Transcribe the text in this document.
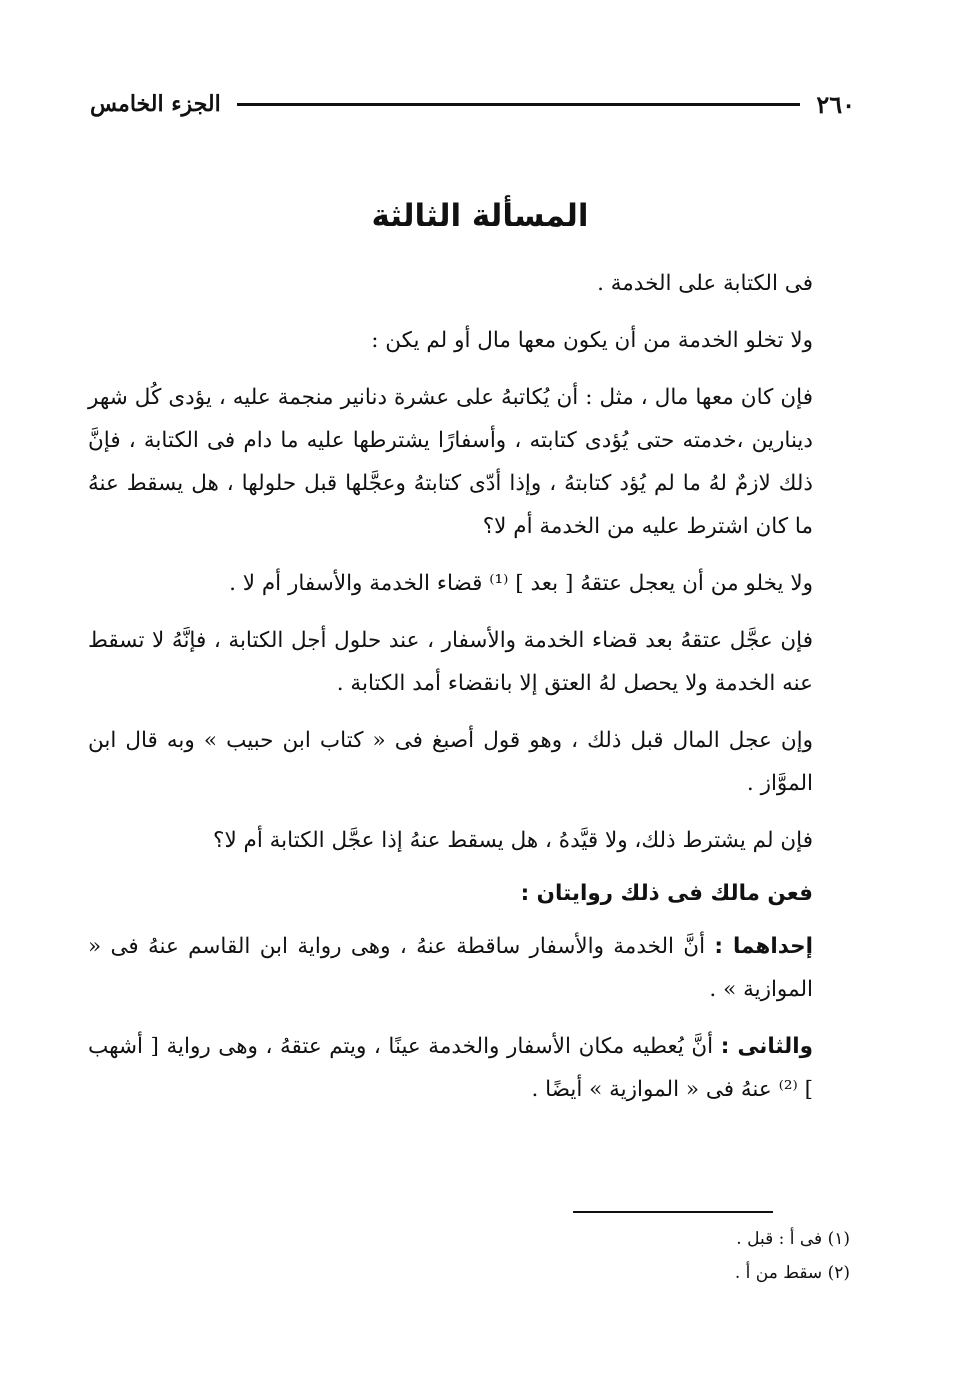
٢٦٠
الجزء الخامس
المسألة الثالثة

فى الكتابة على الخدمة .

ولا تخلو الخدمة من أن يكون معها مال أو لم يكن :

فإن كان معها مال ، مثل : أن يُكاتبهُ على عشرة دنانير منجمة عليه ، يؤدى كُل شهر دينارين ،خدمته حتى يُؤدى كتابته ، وأسفارًا يشترطها عليه ما دام فى الكتابة ، فإنَّ ذلك لازمٌ لهُ ما لم يُؤد كتابتهُ ، وإذا أدّى كتابتهُ وعجَّلها قبل حلولها ، هل يسقط عنهُ ما كان اشترط عليه من الخدمة أم لا؟

ولا يخلو من أن يعجل عتقهُ [ بعد ] ⁽¹⁾ قضاء الخدمة والأسفار أم لا .

فإن عجَّل عتقهُ بعد قضاء الخدمة والأسفار ، عند حلول أجل الكتابة ، فإنَّهُ لا تسقط عنه الخدمة ولا يحصل لهُ العتق إلا بانقضاء أمد الكتابة .

وإن عجل المال قبل ذلك ، وهو قول أصبغ فى « كتاب ابن حبيب » وبه قال ابن الموَّاز .

فإن لم يشترط ذلك، ولا قيَّدهُ ، هل يسقط عنهُ إذا عجَّل الكتابة أم لا؟

فعن مالك فى ذلك روايتان :

إحداهما : أنَّ الخدمة والأسفار ساقطة عنهُ ، وهى رواية ابن القاسم عنهُ فى « الموازية » .

والثانى : أنَّ يُعطيه مكان الأسفار والخدمة عينًا ، ويتم عتقهُ ، وهى رواية [ أشهب ] ⁽²⁾ عنهُ فى « الموازية » أيضًا .

(١) فى أ : قبل .

(٢) سقط من أ .
